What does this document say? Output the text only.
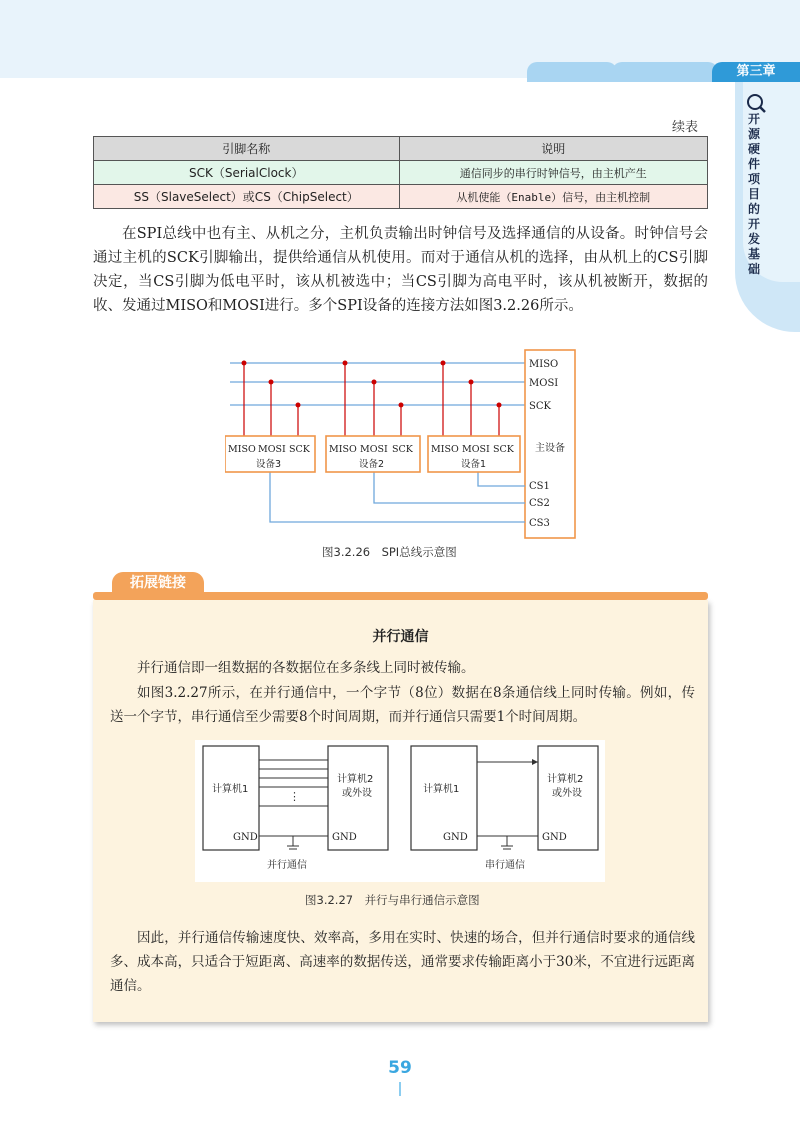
第三章
开源硬件项目的开发基础
续表
引脚名称	说明
SCK（SerialClock）	通信同步的串行时钟信号，由主机产生
SS（SlaveSelect）或CS（ChipSelect）	从机使能（Enable）信号，由主机控制
在SPI总线中也有主、从机之分，主机负责输出时钟信号及选择通信的从设备。时钟信号会通过主机的SCK引脚输出，提供给通信从机使用。而对于通信从机的选择，由从机上的CS引脚决定，当CS引脚为低电平时，该从机被选中；当CS引脚为高电平时，该从机被断开，数据的收、发通过MISO和MOSI进行。多个SPI设备的连接方法如图3.2.26所示。
MISO
MOSI
SCK
主设备
CS1
CS2
CS3
MISO MOSI SCK
设备3
MISO MOSI SCK
设备2
MISO MOSI SCK
设备1
图3.2.26　SPI总线示意图
拓展链接
并行通信
并行通信即一组数据的各数据位在多条线上同时被传输。
如图3.2.27所示，在并行通信中，一个字节（8位）数据在8条通信线上同时传输。例如，传送一个字节，串行通信至少需要8个时间周期，而并行通信只需要1个时间周期。
计算机1
计算机2
或外设
GND	GND
⋮
并行通信
计算机1
计算机2
或外设
GND	GND
串行通信
图3.2.27　并行与串行通信示意图
因此，并行通信传输速度快、效率高，多用在实时、快速的场合，但并行通信时要求的通信线多、成本高，只适合于短距离、高速率的数据传送，通常要求传输距离小于30米，不宜进行远距离通信。
59
